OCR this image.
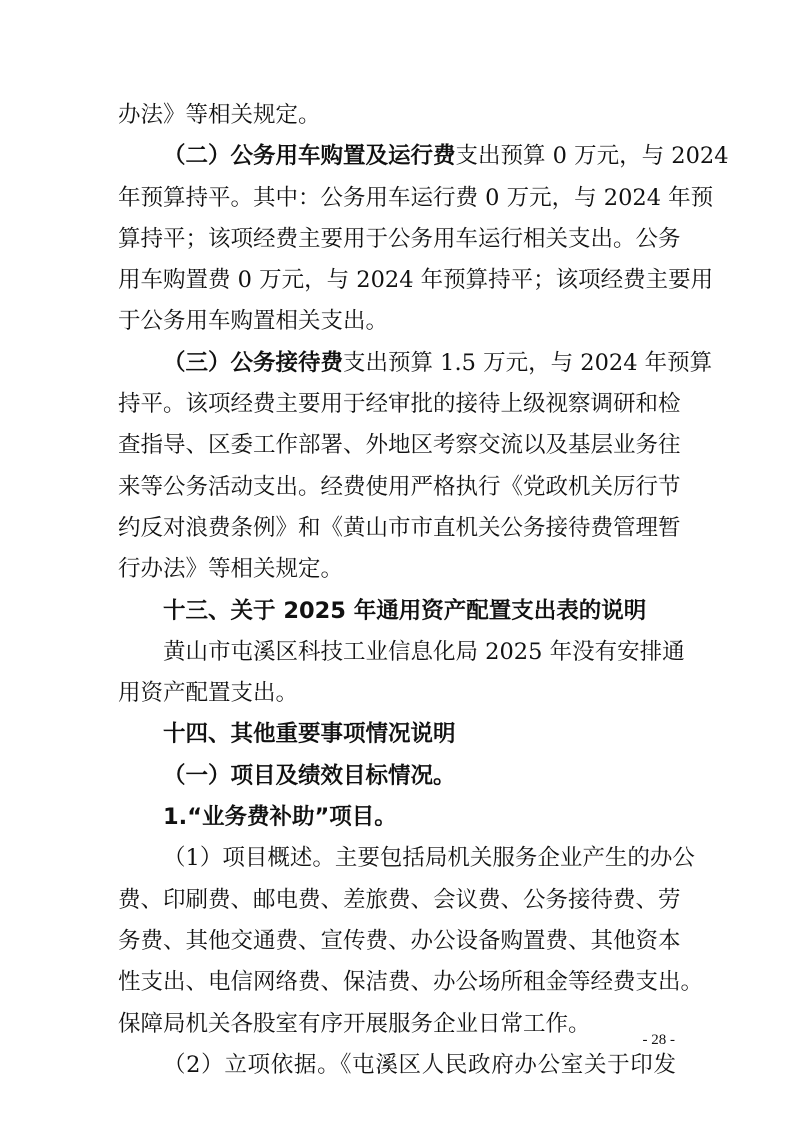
办法》等相关规定。
（二）公务用车购置及运行费支出预算 0 万元，与 2024
年预算持平。其中：公务用车运行费 0 万元，与 2024 年预
算持平；该项经费主要用于公务用车运行相关支出。公务
用车购置费 0 万元，与 2024 年预算持平；该项经费主要用
于公务用车购置相关支出。
（三）公务接待费支出预算 1.5 万元，与 2024 年预算
持平。该项经费主要用于经审批的接待上级视察调研和检
查指导、区委工作部署、外地区考察交流以及基层业务往
来等公务活动支出。经费使用严格执行《党政机关厉行节
约反对浪费条例》和《黄山市市直机关公务接待费管理暂
行办法》等相关规定。
十三、关于 2025 年通用资产配置支出表的说明
黄山市屯溪区科技工业信息化局 2025 年没有安排通
用资产配置支出。
十四、其他重要事项情况说明
（一）项目及绩效目标情况。
1.“业务费补助”项目。
（1）项目概述。主要包括局机关服务企业产生的办公
费、印刷费、邮电费、差旅费、会议费、公务接待费、劳
务费、其他交通费、宣传费、办公设备购置费、其他资本
性支出、电信网络费、保洁费、办公场所租金等经费支出。
保障局机关各股室有序开展服务企业日常工作。
（2）立项依据。《屯溪区人民政府办公室关于印发
- 28 -
